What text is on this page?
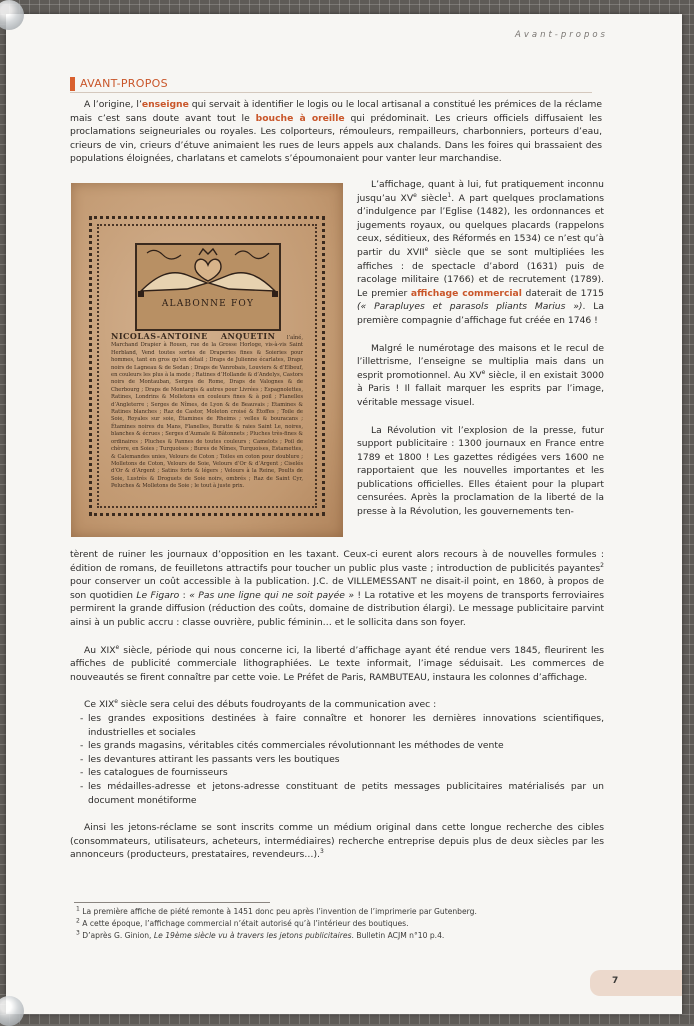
Avant-propos
AVANT-PROPOS

A l’origine, l’enseigne qui servait à identifier le logis ou le local artisanal a constitué les prémices de la réclame mais c’est sans doute avant tout le bouche à oreille qui prédominait. Les crieurs officiels diffusaient les proclamations seigneuriales ou royales. Les colporteurs, rémouleurs, rempailleurs, charbonniers, porteurs d’eau, crieurs de vin, crieurs d’étuve animaient les rues de leurs appels aux chalands. Dans les foires qui brassaient des populations éloignées, charlatans et camelots s’époumonaient pour vanter leur marchandise.

ALABONNE FOY
NICOLAS-ANTOINE ANQUETIN l’aîné, Marchand Drapier à Rouen, rue de la Grosse Horloge, vis-à-vis Saint Herbland, Vend toutes sortes de Draperies fines & Soieries pour hommes, tant en gros qu’en détail ; Draps de Julienne écarlates, Draps noirs de Lagneau & de Sedan ; Draps de Vanrobais, Louviers & d’Elbeuf, en couleurs les plus à la mode ; Ratines d’Hollande & d’Andelys, Castors noirs de Montauban, Serges de Rome, Draps de Valognes & de Cherbourg ; Draps de Montargis & autres pour Livrées ; Espagnolettes, Ratines, Londrins & Molletons en couleurs fines & à poil ; Flanelles d’Angleterre ; Serges de Nîmes, de Lyon & de Beauvais ; Etamines & Ratines blanches ; Raz de Castor, Moleton croisé & Étoffes ; Toile de Soie, Royales sur soie, Étamines de Rheims ; velles & bouracans ; Étamines noires du Mans, Flanelles, Buratte & raies Saint Le, noires, blanches & écrues ; Serges d’Aumale & Bâtonnets ; Pluches très-fines & ordinaires ; Pluches & Pannes de toutes couleurs ; Camelots ; Poil de chèvre, en Soies ; Turquoises ; Bures de Nîmes, Turquoises, Estamettes, & Calemandes unies, Velours de Coton ; Toiles en coton pour doublure ; Molletons de Coton, Velours de Soie, Velours d’Or & d’Argent ; Ciselés d’Or & d’Argent ; Satins forts & légers ; Velours à la Reine, Poults de Soie, Lustrés & Droguets de Soie noirs, ombrés ; Raz de Saint Cyr, Peluches & Molletons de Soie ; le tout à juste prix.

L’affichage, quant à lui, fut pratiquement inconnu jusqu’au XVe siècle$^1$. A part quelques proclamations d’indulgence par l’Eglise (1482), les ordonnances et jugements royaux, ou quelques placards (rappelons ceux, séditieux, des Réformés en 1534) ce n’est qu’à partir du XVIIe siècle que se sont multipliées les affiches : de spectacle d’abord (1631) puis de racolage militaire (1766) et de recrutement (1789). Le premier affichage commercial daterait de 1715 (« Parapluyes et parasols pliants Marius »). La première compagnie d’affichage fut créée en 1746 !

Malgré le numérotage des maisons et le recul de l’illettrisme, l’enseigne se multiplia mais dans un esprit promotionnel. Au XVe siècle, il en existait 3000 à Paris ! Il fallait marquer les esprits par l’image, véritable message visuel.

La Révolution vit l’explosion de la presse, futur support publicitaire : 1300 journaux en France entre 1789 et 1800 ! Les gazettes rédigées vers 1600 ne rapportaient que les nouvelles importantes et les publications officielles. Elles étaient pour la plupart censurées. Après la proclamation de la liberté de la presse à la Révolution, les gouvernements ten-

tèrent de ruiner les journaux d’opposition en les taxant. Ceux-ci eurent alors recours à de nouvelles formules : édition de romans, de feuilletons attractifs pour toucher un public plus vaste ; introduction de publicités payantes$^2$ pour conserver un coût accessible à la publication. J.C. de VILLEMESSANT ne disait-il point, en 1860, à propos de son quotidien Le Figaro : « Pas une ligne qui ne soit payée » ! La rotative et les moyens de transports ferroviaires permirent la grande diffusion (réduction des coûts, domaine de distribution élargi). Le message publicitaire parvint ainsi à un public accru : classe ouvrière, public féminin… et le sollicita dans son foyer.

Au XIXe siècle, période qui nous concerne ici, la liberté d’affichage ayant été rendue vers 1845, fleurirent les affiches de publicité commerciale lithographiées. Le texte informait, l’image séduisait. Les commerces de nouveautés se firent connaître par cette voie. Le Préfet de Paris, RAMBUTEAU, instaura les colonnes d’affichage.

Ce XIXe siècle sera celui des débuts foudroyants de la communication avec :

- les grandes expositions destinées à faire connaître et honorer les dernières innovations scientifiques, industrielles et sociales
- les grands magasins, véritables cités commerciales révolutionnant les méthodes de vente
- les devantures attirant les passants vers les boutiques
- les catalogues de fournisseurs
- les médailles-adresse et jetons-adresse constituant de petits messages publicitaires matérialisés par un document monétiforme

Ainsi les jetons-réclame se sont inscrits comme un médium original dans cette longue recherche des cibles (consommateurs, utilisateurs, acheteurs, intermédiaires) recherche entreprise depuis plus de deux siècles par les annonceurs (producteurs, prestataires, revendeurs…).$^3$

$^1$ La première affiche de piété remonte à 1451 donc peu après l’invention de l’imprimerie par Gutenberg.

$^2$ A cette époque, l’affichage commercial n’était autorisé qu’à l’intérieur des boutiques.

$^3$ D’après G. Ginion, Le 19ème siècle vu à travers les jetons publicitaires. Bulletin ACJM n°10 p.4.

7
